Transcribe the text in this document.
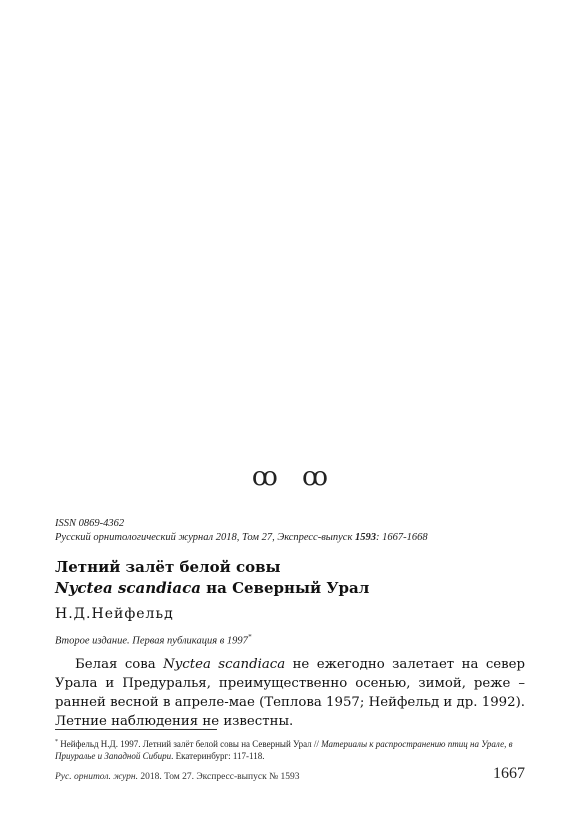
ꝏ ꝏ
ISSN 0869-4362
Русский орнитологический журнал 2018, Том 27, Экспресс-выпуск 1593: 1667-1668
Летний залёт белой совы
Nyctea scandiaca на Северный Урал
Н.Д.Нейфельд
Второе издание. Первая публикация в 1997*

Белая сова Nyctea scandiaca не ежегодно залетает на север Урала и Предуралья, преимущественно осенью, зимой, реже – ранней весной в апреле-мае (Теплова 1957; Нейфельд и др. 1992). Летние наблюдения не известны.

* Нейфельд Н.Д. 1997. Летний залёт белой совы на Северный Урал // Материалы к распространению птиц на Урале, в Приуралье и Западной Сибири. Екатеринбург: 117-118.

Рус. орнитол. журн. 2018. Том 27. Экспресс-выпуск № 1593	1667
